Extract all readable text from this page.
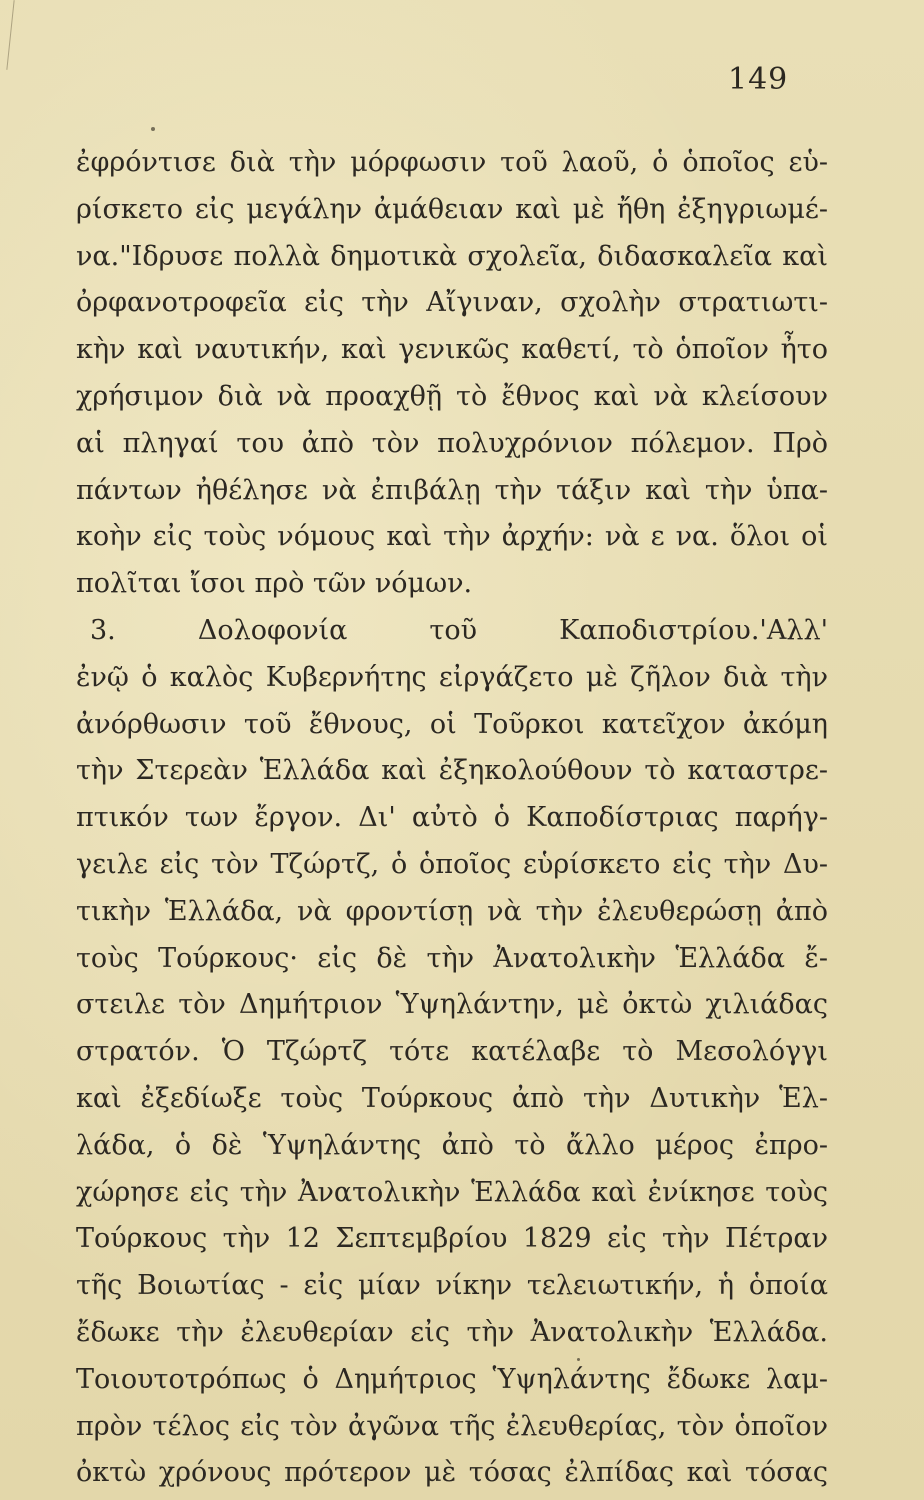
149
ἐφρόντισε διὰ τὴν μόρφωσιν τοῦ λαοῦ, ὁ ὁποῖος εὑ-
ρίσκετο εἰς μεγάλην ἀμάθειαν καὶ μὲ ἤθη ἐξηγριωμέ-
να."Ιδρυσε πολλὰ δημοτικὰ σχολεῖα, διδασκαλεῖα καὶ
ὀρφανοτροφεῖα εἰς τὴν Αἴγιναν, σχολὴν στρατιωτι-
κὴν καὶ ναυτικήν, καὶ γενικῶς καθετί, τὸ ὁποῖον ἦτο
χρήσιμον διὰ νὰ προαχθῇ τὸ ἔθνος καὶ νὰ κλείσουν
αἱ πληγαί του ἀπὸ τὸν πολυχρόνιον πόλεμον. Πρὸ
πάντων ἠθέλησε νὰ ἐπιβάλῃ τὴν τάξιν καὶ τὴν ὑπα-
κοὴν εἰς τοὺς νόμους καὶ τὴν ἀρχήν: νὰ ε να. ὅλοι οἱ
πολῖται ἴσοι πρὸ τῶν νόμων.
3. Δολοφονία τοῦ Καποδιστρίου.'Αλλ'
ἐνῷ ὁ καλὸς Κυβερνήτης εἰργάζετο μὲ ζῆλον διὰ τὴν
ἀνόρθωσιν τοῦ ἔθνους, οἱ Τοῦρκοι κατεῖχον ἀκόμη
τὴν Στερεὰν Ἑλλάδα καὶ ἐξηκολούθουν τὸ καταστρε-
πτικόν των ἔργον. Δι' αὐτὸ ὁ Καποδίστριας παρήγ-
γειλε εἰς τὸν Τζώρτζ, ὁ ὁποῖος εὑρίσκετο εἰς τὴν Δυ-
τικὴν Ἑλλάδα, νὰ φροντίσῃ νὰ τὴν ἐλευθερώσῃ ἀπὸ
τοὺς Τούρκους· εἰς δὲ τὴν Ἀνατολικὴν Ἑλλάδα ἔ-
στειλε τὸν Δημήτριον Ὑψηλάντην, μὲ ὀκτὼ χιλιάδας
στρατόν. Ὁ Τζώρτζ τότε κατέλαβε τὸ Μεσολόγγι
καὶ ἐξεδίωξε τοὺς Τούρκους ἀπὸ τὴν Δυτικὴν Ἑλ-
λάδα, ὁ δὲ Ὑψηλάντης ἀπὸ τὸ ἄλλο μέρος ἐπρο-
χώρησε εἰς τὴν Ἀνατολικὴν Ἑλλάδα καὶ ἐνίκησε τοὺς
Τούρκους τὴν 12 Σεπτεμβρίου 1829 εἰς τὴν Πέτραν
τῆς Βοιωτίας - εἰς μίαν νίκην τελειωτικήν, ἡ ὁποία
ἔδωκε τὴν ἐλευθερίαν εἰς τὴν Ἀνατολικὴν Ἑλλάδα.
Τοιουτοτρόπως ὁ Δημήτριος Ὑψηλάντης ἔδωκε λαμ-
πρὸν τέλος εἰς τὸν ἀγῶνα τῆς ἐλευθερίας, τὸν ὁποῖον
ὀκτὼ χρόνους πρότερον μὲ τόσας ἐλπίδας καὶ τόσας
